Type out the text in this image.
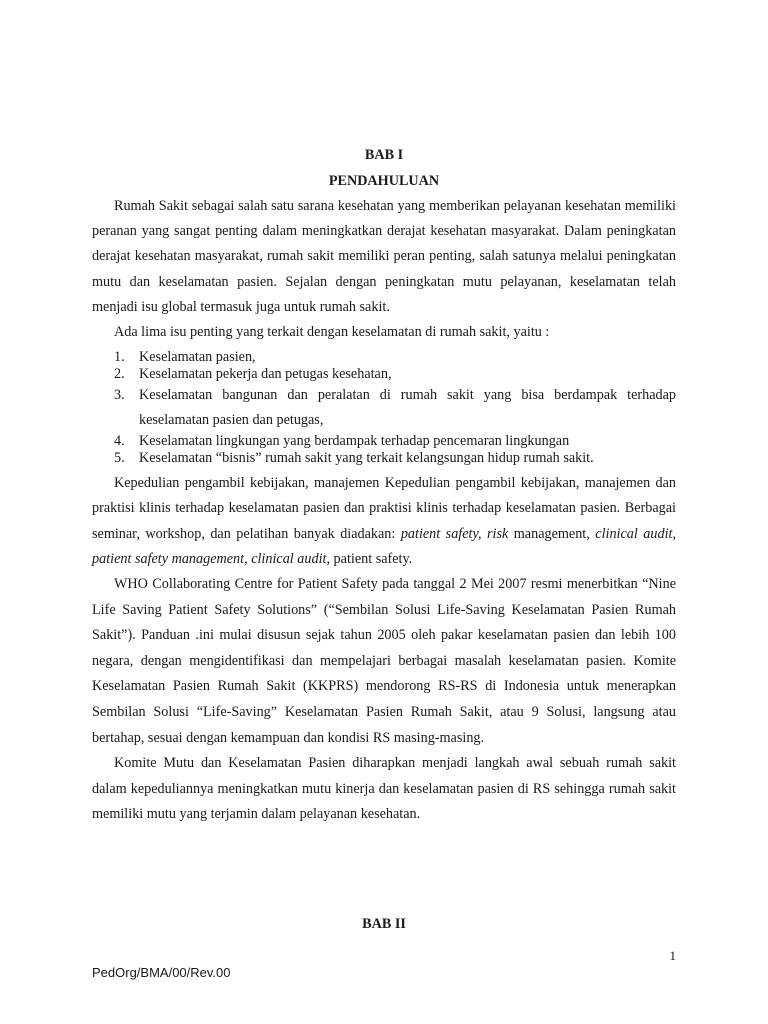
BAB I
PENDAHULUAN

Rumah Sakit sebagai salah satu sarana kesehatan yang memberikan pelayanan kesehatan memiliki peranan yang sangat penting dalam meningkatkan derajat kesehatan masyarakat. Dalam peningkatan derajat kesehatan masyarakat, rumah sakit memiliki peran penting, salah satunya melalui peningkatan mutu dan keselamatan pasien. Sejalan dengan peningkatan mutu pelayanan, keselamatan telah menjadi isu global termasuk juga untuk rumah sakit.

Ada lima isu penting yang terkait dengan keselamatan di rumah sakit, yaitu :

1. Keselamatan pasien,
2. Keselamatan pekerja dan petugas kesehatan,
3. Keselamatan bangunan dan peralatan di rumah sakit yang bisa berdampak terhadap keselamatan pasien dan petugas,
4. Keselamatan lingkungan yang berdampak terhadap pencemaran lingkungan
5. Keselamatan “bisnis” rumah sakit yang terkait kelangsungan hidup rumah sakit.

Kepedulian pengambil kebijakan, manajemen Kepedulian pengambil kebijakan, manajemen dan praktisi klinis terhadap keselamatan pasien dan praktisi klinis terhadap keselamatan pasien. Berbagai seminar, workshop, dan pelatihan banyak diadakan: patient safety, risk management, clinical audit, patient safety management, clinical audit, patient safety.

WHO Collaborating Centre for Patient Safety pada tanggal 2 Mei 2007 resmi menerbitkan “Nine Life Saving Patient Safety Solutions” (“Sembilan Solusi Life-Saving Keselamatan Pasien Rumah Sakit”). Panduan .ini mulai disusun sejak tahun 2005 oleh pakar keselamatan pasien dan lebih 100 negara, dengan mengidentifikasi dan mempelajari berbagai masalah keselamatan pasien. Komite Keselamatan Pasien Rumah Sakit (KKPRS) mendorong RS-RS di Indonesia untuk menerapkan Sembilan Solusi “Life-Saving” Keselamatan Pasien Rumah Sakit, atau 9 Solusi, langsung atau bertahap, sesuai dengan kemampuan dan kondisi RS masing-masing.

Komite Mutu dan Keselamatan Pasien diharapkan menjadi langkah awal sebuah rumah sakit dalam kepeduliannya meningkatkan mutu kinerja dan keselamatan pasien di RS sehingga rumah sakit memiliki mutu yang terjamin dalam pelayanan kesehatan.

BAB II
1
PedOrg/BMA/00/Rev.00
